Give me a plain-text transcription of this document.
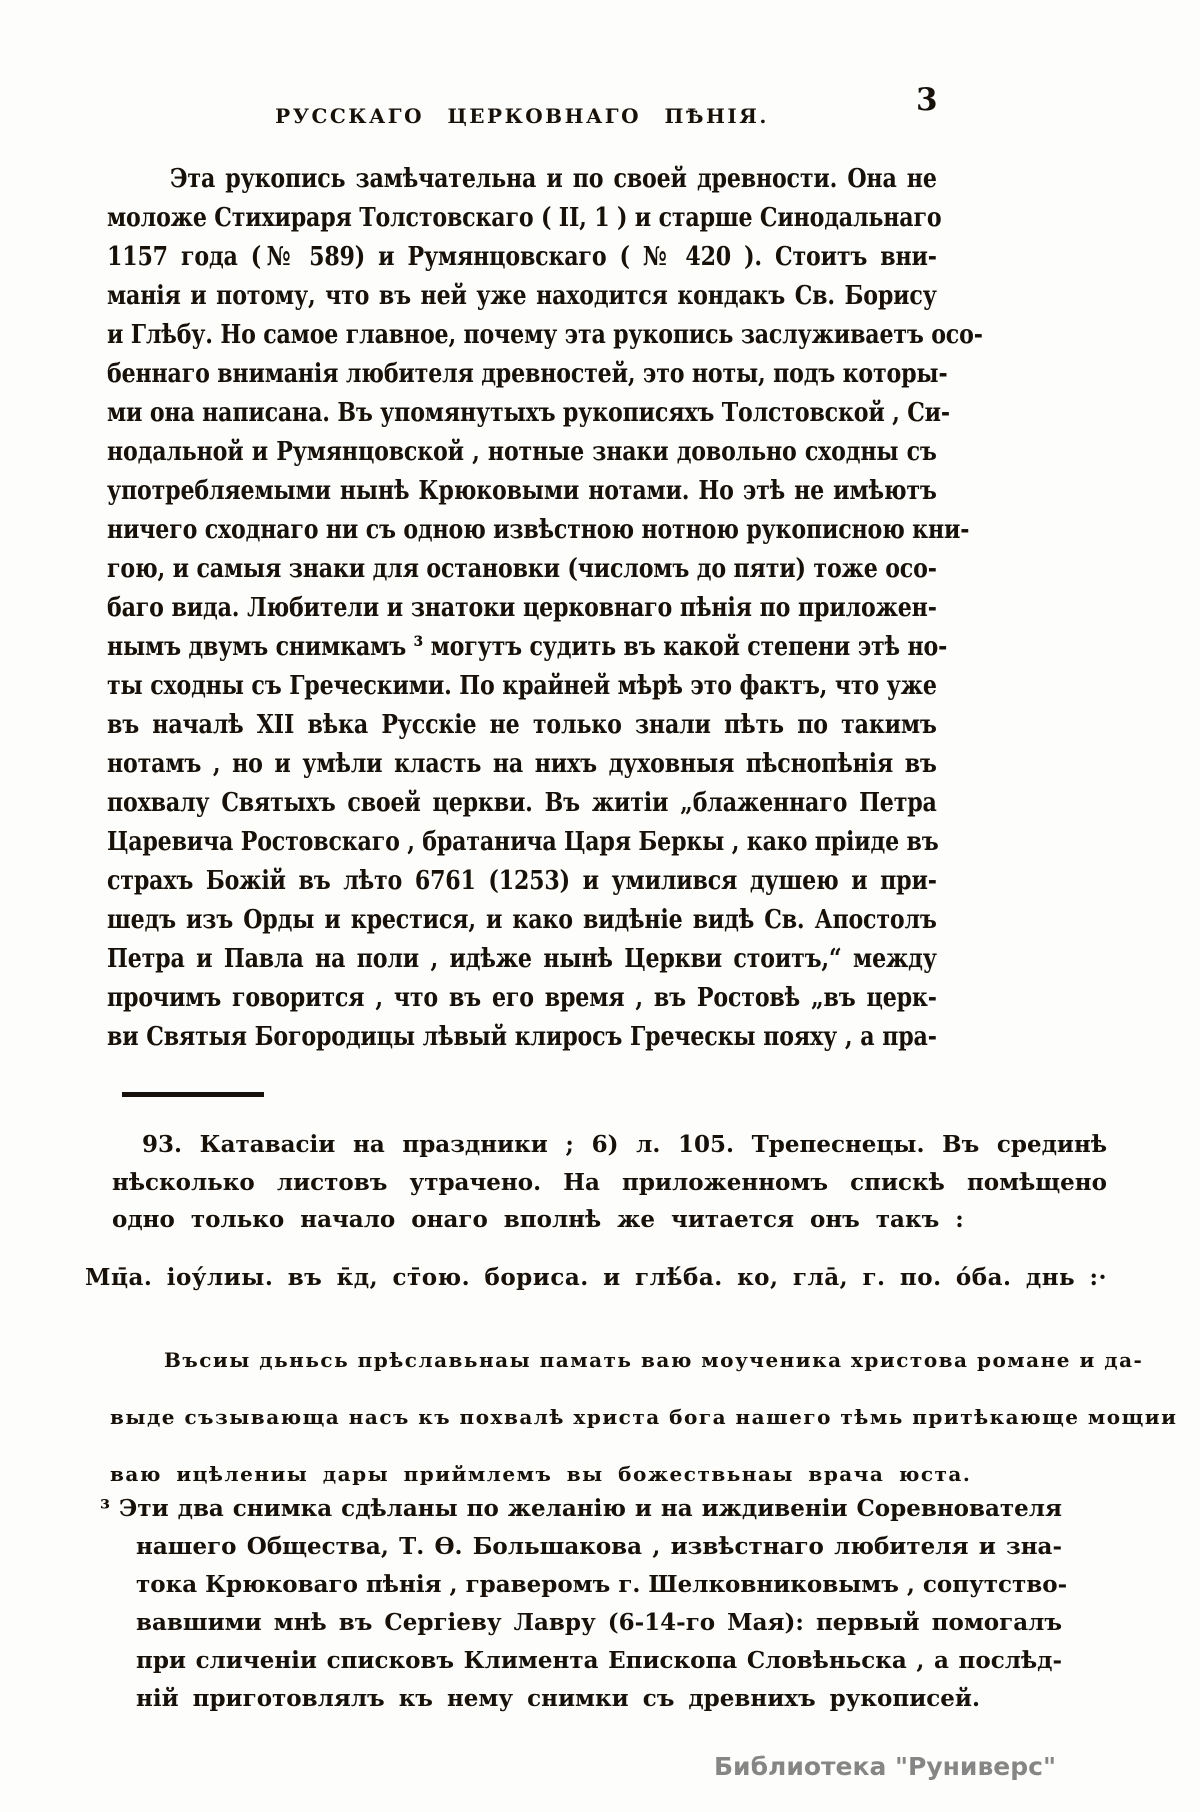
РУССКАГО ЦЕРКОВНАГО ПѢНІЯ.	3
Эта рукопись замѣчательна и по своей древности. Она не
моложе Стихираря Толстовскаго ( II, 1 ) и старше Синодальнаго
1157 года (№ 589) и Румянцовскаго ( № 420 ). Стоитъ вни-
манія и потому, что въ ней уже находится кондакъ Св. Борису
и Глѣбу. Но самое главное, почему эта рукопись заслуживаетъ осо-
беннаго вниманія любителя древностей, это ноты, подъ которы-
ми она написана. Въ упомянутыхъ рукописяхъ Толстовской , Си-
нодальной и Румянцовской , нотные знаки довольно сходны съ
употребляемыми нынѣ Крюковыми нотами. Но этѣ не имѣютъ
ничего сходнаго ни съ одною извѣстною нотною рукописною кни-
гою, и самыя знаки для остановки (числомъ до пяти) тоже осо-
баго вида. Любители и знатоки церковнаго пѣнія по приложен-
нымъ двумъ снимкамъ ³ могутъ судить въ какой степени этѣ но-
ты сходны съ Греческими. По крайней мѣрѣ это фактъ, что уже
въ началѣ XII вѣка Русскіе не только знали пѣть по такимъ
нотамъ , но и умѣли класть на нихъ духовныя пѣснопѣнія въ
похвалу Святыхъ своей церкви. Въ житіи „блаженнаго Петра
Царевича Ростовскаго , братанича Царя Беркы , како пріиде въ
страхъ Божій въ лѣто 6761 (1253) и умилився душею и при-
шедъ изъ Орды и крестися, и како видѣніе видѣ Св. Апостолъ
Петра и Павла на поли , идѣже нынѣ Церкви стоитъ,“ между
прочимъ говорится , что въ его время , въ Ростовѣ „въ церк-
ви Святыя Богородицы лѣвый клиросъ Греческы пояху , а пра-
93. Катавасіи на праздники ; 6) л. 105. Трепеснецы. Въ срединѣ
нѣсколько листовъ утрачено. На приложенномъ спискѣ помѣщено
одно только начало онаго вполнѣ же читается онъ такъ :
Мц̄а. іоу́лиы. въ к̄д, ст̄ою. бориса. и глѣ́ба. ко, гла̄, г. по. о́ба. днь :·
Въсиы дьньсь прѣславьнаы памать ваю моученика христова романе и да-
выде съзывающа насъ къ похвалѣ христа бога нашего тѣмь притѣкающе мощии
ваю ицѣлениы дары приймлемъ вы божествьнаы врача юста.
³ Эти два снимка сдѣланы по желанію и на иждивеніи Соревнователя
нашего Общества, Т. Ѳ. Большакова , извѣстнаго любителя и зна-
тока Крюковаго пѣнія , граверомъ г. Шелковниковымъ , сопутство-
вавшими мнѣ въ Сергіеву Лавру (6-14-го Мая): первый помогалъ
при сличеніи списковъ Климента Епископа Словѣньска , а послѣд-
ній приготовлялъ къ нему снимки съ древнихъ рукописей.
Библиотека "Руниверс"
